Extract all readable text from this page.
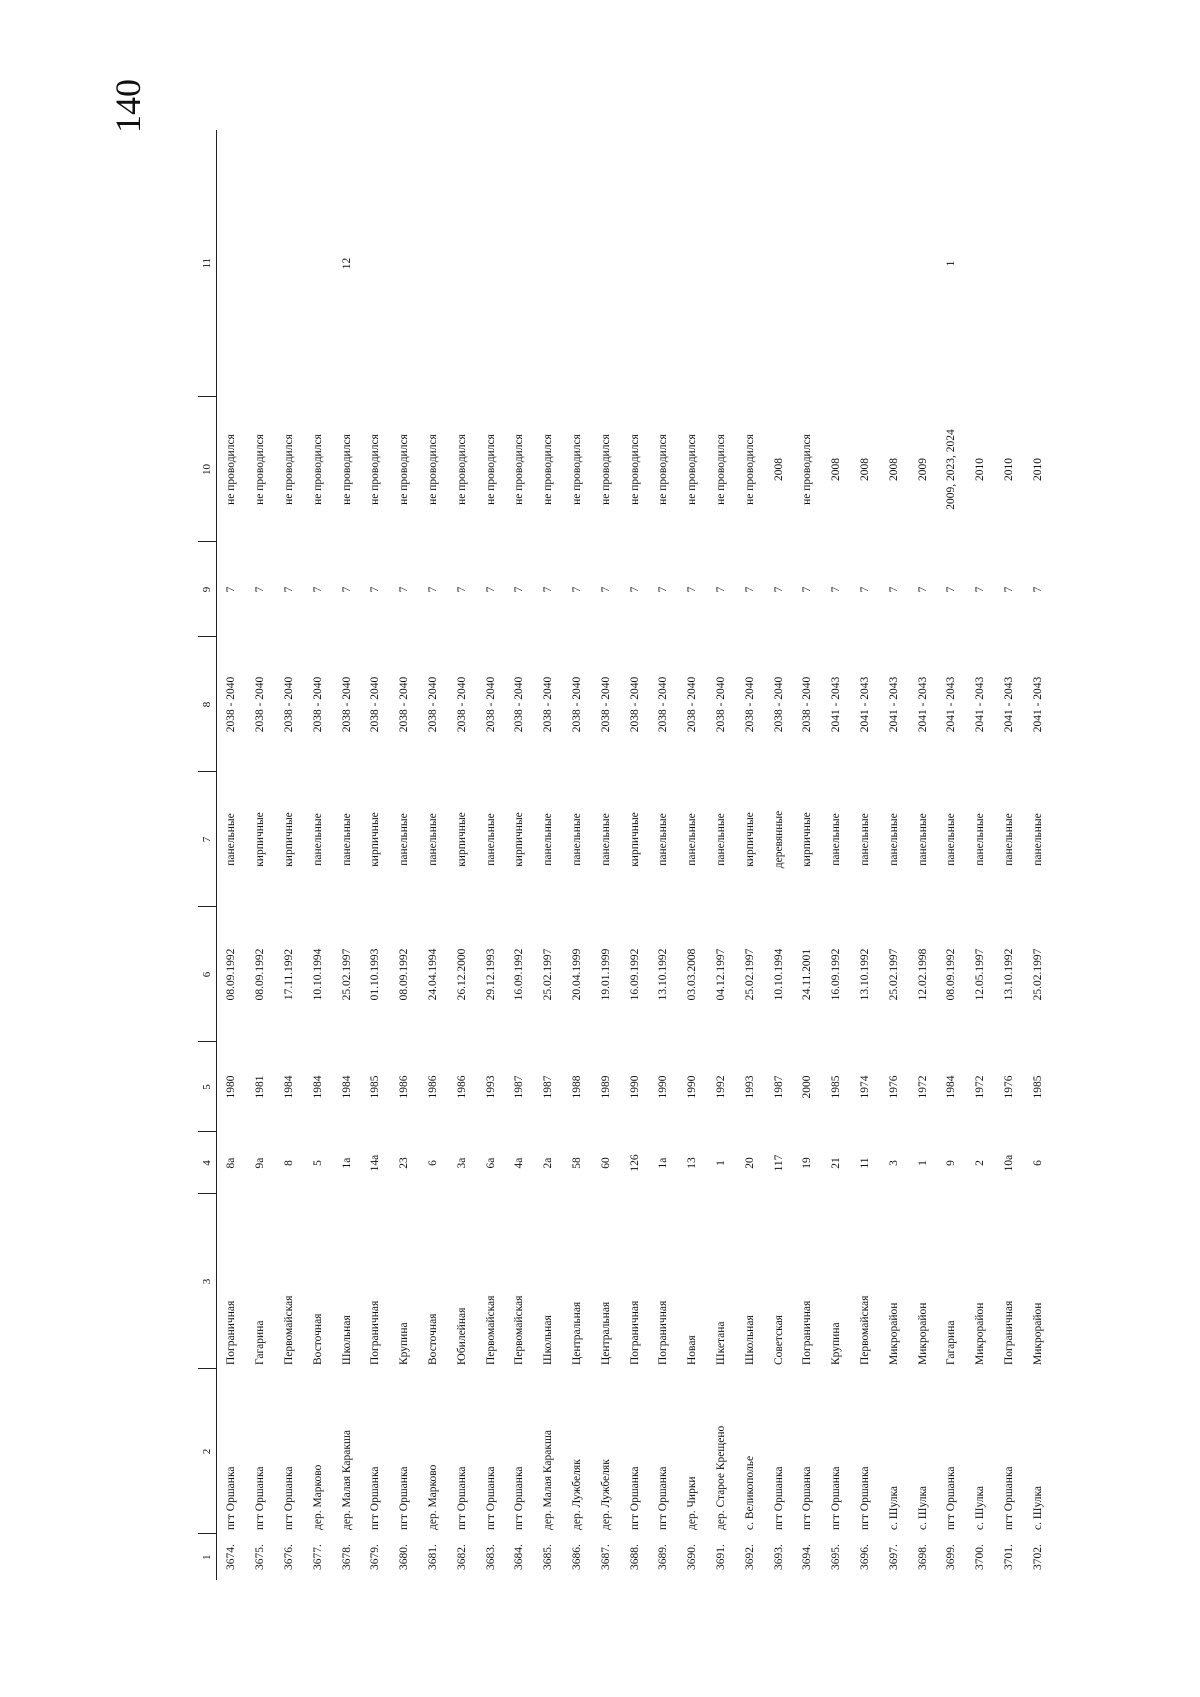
140
1	2	3	4	5	6	7	8	9	10	11
3674.	пгт Оршанка	Пограничная	8а	1980	08.09.1992	панельные	2038 - 2040	7	не проводился	
3675.	пгт Оршанка	Гагарина	9а	1981	08.09.1992	кирпичные	2038 - 2040	7	не проводился	
3676.	пгт Оршанка	Первомайская	8	1984	17.11.1992	кирпичные	2038 - 2040	7	не проводился	
3677.	дер. Марково	Восточная	5	1984	10.10.1994	панельные	2038 - 2040	7	не проводился	
3678.	дер. Малая Каракша	Школьная	1а	1984	25.02.1997	панельные	2038 - 2040	7	не проводился	12
3679.	пгт Оршанка	Пограничная	14а	1985	01.10.1993	кирпичные	2038 - 2040	7	не проводился	
3680.	пгт Оршанка	Крупина	23	1986	08.09.1992	панельные	2038 - 2040	7	не проводился	
3681.	дер. Марково	Восточная	6	1986	24.04.1994	панельные	2038 - 2040	7	не проводился	
3682.	пгт Оршанка	Юбилейная	3а	1986	26.12.2000	кирпичные	2038 - 2040	7	не проводился	
3683.	пгт Оршанка	Первомайская	6а	1993	29.12.1993	панельные	2038 - 2040	7	не проводился	
3684.	пгт Оршанка	Первомайская	4а	1987	16.09.1992	кирпичные	2038 - 2040	7	не проводился	
3685.	дер. Малая Каракша	Школьная	2а	1987	25.02.1997	панельные	2038 - 2040	7	не проводился	
3686.	дер. Лужбеляк	Центральная	58	1988	20.04.1999	панельные	2038 - 2040	7	не проводился	
3687.	дер. Лужбеляк	Центральная	60	1989	19.01.1999	панельные	2038 - 2040	7	не проводился	
3688.	пгт Оршанка	Пограничная	126	1990	16.09.1992	кирпичные	2038 - 2040	7	не проводился	
3689.	пгт Оршанка	Пограничная	1а	1990	13.10.1992	панельные	2038 - 2040	7	не проводился	
3690.	дер. Чирки	Новая	13	1990	03.03.2008	панельные	2038 - 2040	7	не проводился	
3691.	дер. Старое Крещено	Шкетана	1	1992	04.12.1997	панельные	2038 - 2040	7	не проводился	
3692.	с. Великополье	Школьная	20	1993	25.02.1997	кирпичные	2038 - 2040	7	не проводился	
3693.	пгт Оршанка	Советская	117	1987	10.10.1994	деревянные	2038 - 2040	7	2008	
3694.	пгт Оршанка	Пограничная	19	2000	24.11.2001	кирпичные	2038 - 2040	7	не проводился	
3695.	пгт Оршанка	Крупина	21	1985	16.09.1992	панельные	2041 - 2043	7	2008	
3696.	пгт Оршанка	Первомайская	11	1974	13.10.1992	панельные	2041 - 2043	7	2008	
3697.	с. Шулка	Микрорайон	3	1976	25.02.1997	панельные	2041 - 2043	7	2008	
3698.	с. Шулка	Микрорайон	1	1972	12.02.1998	панельные	2041 - 2043	7	2009	
3699.	пгт Оршанка	Гагарина	9	1984	08.09.1992	панельные	2041 - 2043	7	2009, 2023, 2024	1
3700.	с. Шулка	Микрорайон	2	1972	12.05.1997	панельные	2041 - 2043	7	2010	
3701.	пгт Оршанка	Пограничная	10а	1976	13.10.1992	панельные	2041 - 2043	7	2010	
3702.	с. Шулка	Микрорайон	6	1985	25.02.1997	панельные	2041 - 2043	7	2010	
